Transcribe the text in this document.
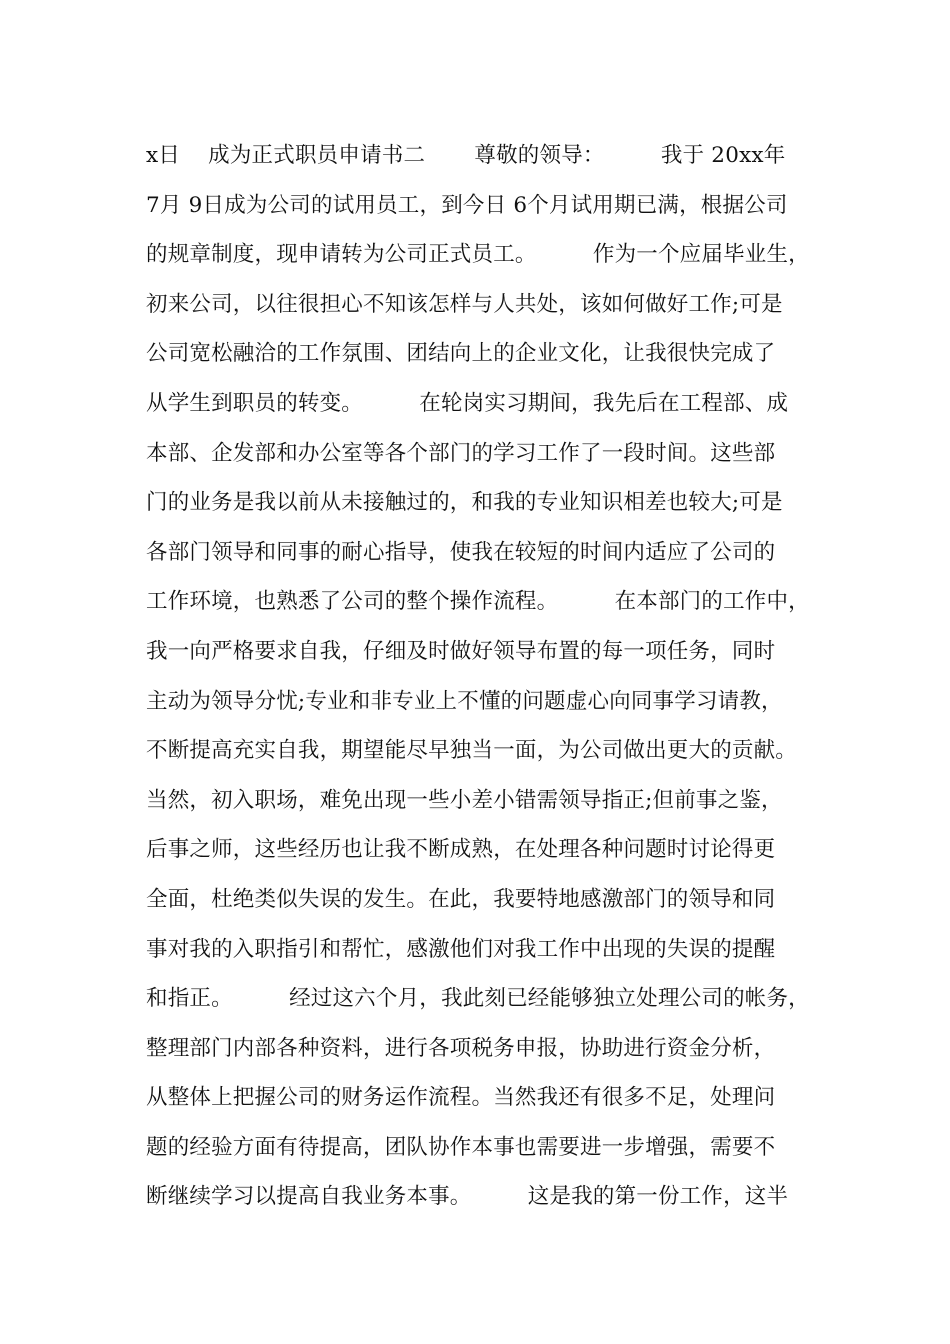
x日    成为正式职员申请书二       尊敬的领导：        我于 20xx年
7月 9日成为公司的试用员工，到今日 6个月试用期已满，根据公司
的规章制度，现申请转为公司正式员工。        作为一个应届毕业生，
初来公司，以往很担心不知该怎样与人共处，该如何做好工作;可是
公司宽松融洽的工作氛围、团结向上的企业文化，让我很快完成了
从学生到职员的转变。        在轮岗实习期间，我先后在工程部、成
本部、企发部和办公室等各个部门的学习工作了一段时间。这些部
门的业务是我以前从未接触过的，和我的专业知识相差也较大;可是
各部门领导和同事的耐心指导，使我在较短的时间内适应了公司的
工作环境，也熟悉了公司的整个操作流程。        在本部门的工作中，
我一向严格要求自我，仔细及时做好领导布置的每一项任务，同时
主动为领导分忧;专业和非专业上不懂的问题虚心向同事学习请教，
不断提高充实自我，期望能尽早独当一面，为公司做出更大的贡献。
当然，初入职场，难免出现一些小差小错需领导指正;但前事之鉴，
后事之师，这些经历也让我不断成熟，在处理各种问题时讨论得更
全面，杜绝类似失误的发生。在此，我要特地感激部门的领导和同
事对我的入职指引和帮忙，感激他们对我工作中出现的失误的提醒
和指正。        经过这六个月，我此刻已经能够独立处理公司的帐务，
整理部门内部各种资料，进行各项税务申报，协助进行资金分析，
从整体上把握公司的财务运作流程。当然我还有很多不足，处理问
题的经验方面有待提高，团队协作本事也需要进一步增强，需要不
断继续学习以提高自我业务本事。        这是我的第一份工作，这半
